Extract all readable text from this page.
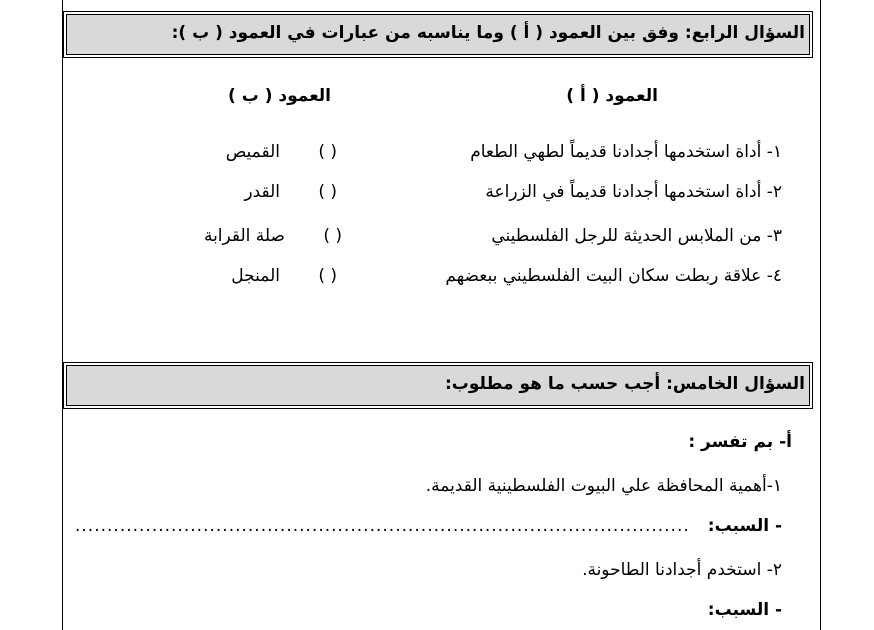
السؤال الرابع: وفق بين العمود ( أ ) وما يناسبه من عبارات في العمود ( ب ):
العمود ( أ )
العمود ( ب )
١- أداة استخدمها أجدادنا قديماً لطهي الطعام
٢- أداة استخدمها أجدادنا قديماً في الزراعة
٣- من الملابس الحديثة للرجل الفلسطيني
٤- علاقة ربطت سكان البيت الفلسطيني ببعضهم
( )
( )
( )
( )
القميص
القدر
صلة القرابة
المنجل
السؤال الخامس: أجب حسب ما هو مطلوب:
أ- بم تفسر :
١-أهمية المحافظة علي البيوت الفلسطينية القديمة.
- السبب:
................................................................................................
٢- استخدم أجدادنا الطاحونة.
- السبب:
